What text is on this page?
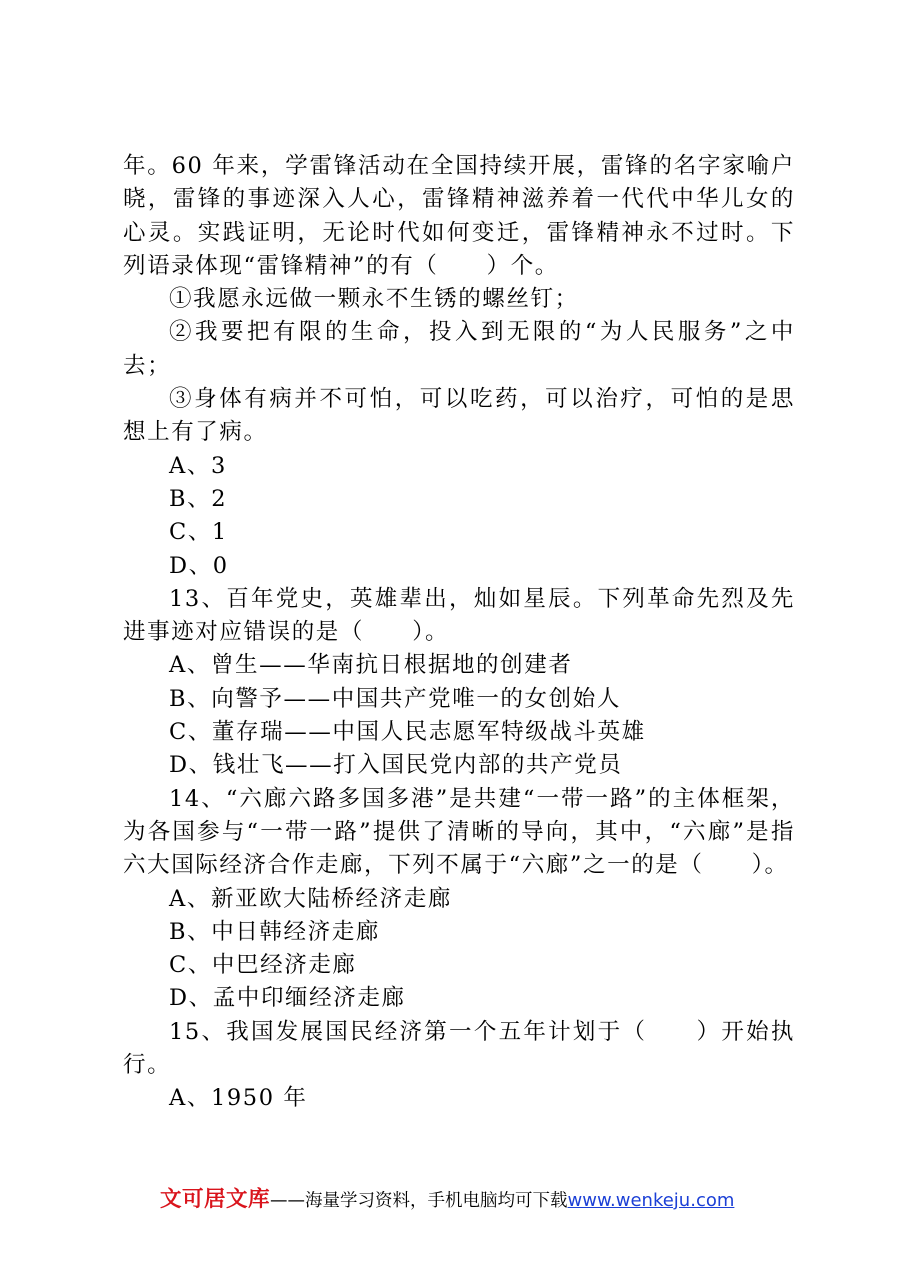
年。60 年来，学雷锋活动在全国持续开展，雷锋的名字家喻户晓，雷锋的事迹深入人心，雷锋精神滋养着一代代中华儿女的心灵。实践证明，无论时代如何变迁，雷锋精神永不过时。下列语录体现“雷锋精神”的有（　　）个。

①我愿永远做一颗永不生锈的螺丝钉；

②我要把有限的生命，投入到无限的“为人民服务”之中去；

③身体有病并不可怕，可以吃药，可以治疗，可怕的是思想上有了病。

A、3

B、2

C、1

D、0

13、百年党史，英雄辈出，灿如星辰。下列革命先烈及先进事迹对应错误的是（　　）。

A、曾生——华南抗日根据地的创建者

B、向警予——中国共产党唯一的女创始人

C、董存瑞——中国人民志愿军特级战斗英雄

D、钱壮飞——打入国民党内部的共产党员

14、“六廊六路多国多港”是共建“一带一路”的主体框架，为各国参与“一带一路”提供了清晰的导向，其中，“六廊”是指六大国际经济合作走廊，下列不属于“六廊”之一的是（　　）。

A、新亚欧大陆桥经济走廊

B、中日韩经济走廊

C、中巴经济走廊

D、孟中印缅经济走廊

15、我国发展国民经济第一个五年计划于（　　）开始执行。

A、1950 年

文可居文库——海量学习资料，手机电脑均可下载www.wenkeju.com
